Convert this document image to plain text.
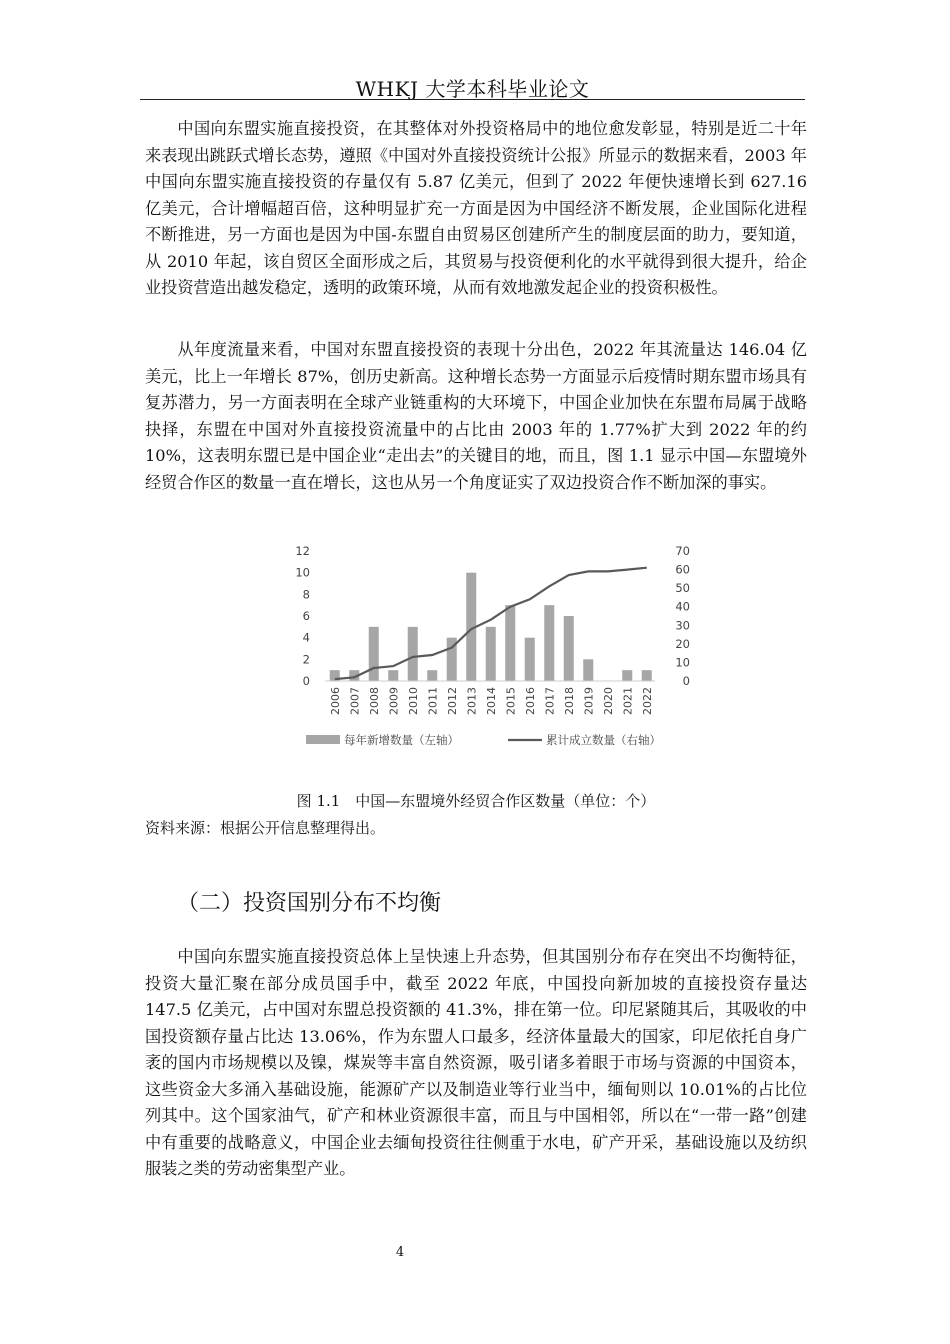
WHKJ 大学本科毕业论文

中国向东盟实施直接投资，在其整体对外投资格局中的地位愈发彰显，特别是近二十年来表现出跳跃式增长态势，遵照《中国对外直接投资统计公报》所显示的数据来看，2003 年中国向东盟实施直接投资的存量仅有 5.87 亿美元，但到了 2022 年便快速增长到 627.16 亿美元，合计增幅超百倍，这种明显扩充一方面是因为中国经济不断发展，企业国际化进程不断推进，另一方面也是因为中国-东盟自由贸易区创建所产生的制度层面的助力，要知道，从 2010 年起，该自贸区全面形成之后，其贸易与投资便利化的水平就得到很大提升，给企业投资营造出越发稳定，透明的政策环境，从而有效地激发起企业的投资积极性。

从年度流量来看，中国对东盟直接投资的表现十分出色，2022 年其流量达 146.04 亿美元，比上一年增长 87%，创历史新高。这种增长态势一方面显示后疫情时期东盟市场具有复苏潜力，另一方面表明在全球产业链重构的大环境下，中国企业加快在东盟布局属于战略抉择，东盟在中国对外直接投资流量中的占比由 2003 年的 1.77%扩大到 2022 年的约 10%，这表明东盟已是中国企业“走出去”的关键目的地，而且，图 1.1 显示中国—东盟境外经贸合作区的数量一直在增长，这也从另一个角度证实了双边投资合作不断加深的事实。

0
2
4
6
8
10
12
0
10
20
30
40
50
60
70
2006 2007 2008 2009 2010 2011 2012 2013 2014 2015 2016 2017 2018 2019 2020 2021 2022
每年新增数量（左轴）	累计成立数量（右轴）
图 1.1　中国—东盟境外经贸合作区数量（单位：个）
资料来源：根据公开信息整理得出。
（二）投资国别分布不均衡

中国向东盟实施直接投资总体上呈快速上升态势，但其国别分布存在突出不均衡特征，投资大量汇聚在部分成员国手中，截至 2022 年底，中国投向新加坡的直接投资存量达 147.5 亿美元，占中国对东盟总投资额的 41.3%，排在第一位。印尼紧随其后，其吸收的中国投资额存量占比达 13.06%，作为东盟人口最多，经济体量最大的国家，印尼依托自身广袤的国内市场规模以及镍，煤炭等丰富自然资源，吸引诸多着眼于市场与资源的中国资本，这些资金大多涌入基础设施，能源矿产以及制造业等行业当中，缅甸则以 10.01%的占比位列其中。这个国家油气，矿产和林业资源很丰富，而且与中国相邻，所以在“一带一路”创建中有重要的战略意义，中国企业去缅甸投资往往侧重于水电，矿产开采，基础设施以及纺织服装之类的劳动密集型产业。

4
